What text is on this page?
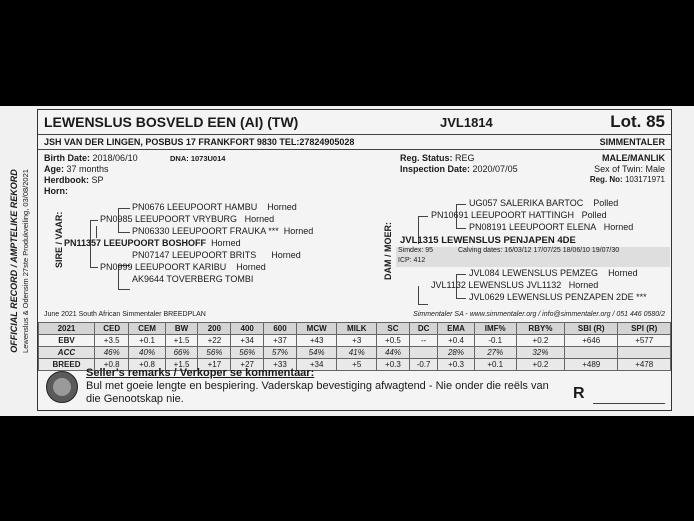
OFFICIAL RECORD / AMPTELIKE REKORD Lewenslus & Odensim 27ste Produkveiling, 03/08/2021
LEWENSLUS BOSVELD EEN (AI) (TW)	JVL1814	Lot. 85
JSH VAN DER LINGEN, POSBUS 17 FRANKFORT 9830 TEL:27824905028	SIMMENTALER
Birth Date: 2018/06/10	DNA: 1073U014
Age: 37 months
Herdbook: SP
Horn:
Reg. Status: REG
Inspection Date: 2020/07/05
MALE/MANLIK
Sex of Twin: Male
Reg. No: 103171971
SIRE / VAAR:
PN0676 LEEUPOORT HAMBU Horned
PN0985 LEEUPOORT VRYBURG Horned
PN06330 LEEUPOORT FRAUKA *** Horned
PN11357 LEEUPOORT BOSHOFF Horned
PN07147 LEEUPOORT BRITS Horned
PN0999 LEEUPOORT KARIBU Horned
AK9644 TOVERBERG TOMBI	DAM / MOER:
UG057 SALERIKA BARTOC Polled
PN10691 LEEUPOORT HATTINGH Polled
PN08191 LEEUPOORT ELENA Horned
JVL1315 LEWENSLUS PENJAPEN 4DE
Simdex: 95	Calving dates: 16/03/12 17/07/25 18/06/10 19/07/30
ICP: 412
JVL084 LEWENSLUS PEMZEG Horned
JVL1132 LEWENSLUS JVL1132 Horned
JVL0629 LEWENSLUS PENZAPEN 2DE ***
June 2021 South African Simmentaler BREEDPLAN	Simmentaler SA - www.simmentaler.org / info@simmentaler.org / 051 446 0580/2
2021	CED	CEM	BW	200	400	600	MCW	MILK	SC	DC	EMA	IMF%	RBY%	SBI (R)	SPI (R)
EBV	+3.5	+0.1	+1.5	+22	+34	+37	+43	+3	+0.5	--	+0.4	-0.1	+0.2	+646	+577
ACC	46%	40%	66%	56%	56%	57%	54%	41%	44%		28%	27%	32%		
BREED	+0.8	+0.8	+1.5	+17	+27	+33	+34	+5	+0.3	-0.7	+0.3	+0.1	+0.2	+489	+478
Seller's remarks / Verkoper se kommentaar:
Bul met goeie lengte en bespiering. Vaderskap bevestiging afwagtend - Nie onder die reëls van
die Genootskap nie.	R
